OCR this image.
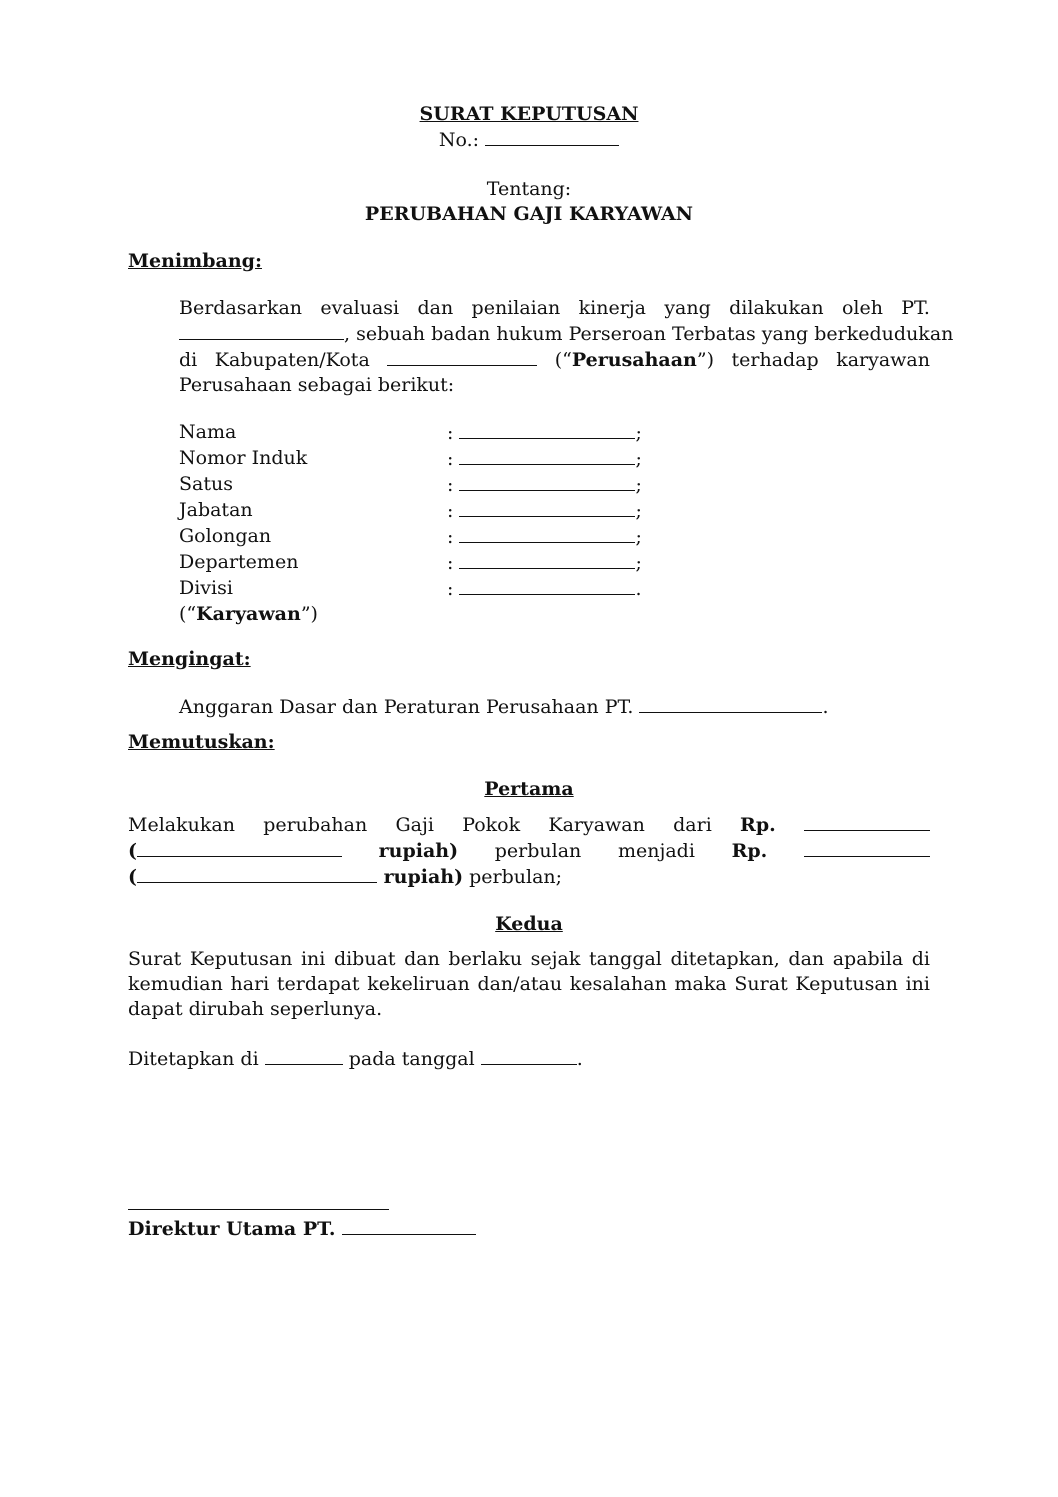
SURAT KEPUTUSAN
No.:
Tentang:
PERUBAHAN GAJI KARYAWAN
Menimbang:
Berdasarkan evaluasi dan penilaian kinerja yang dilakukan oleh PT.
, sebuah badan hukum Perseroan Terbatas yang berkedudukan
di Kabupaten/Kota	(“Perusahaan”) terhadap karyawan
Perusahaan sebagai berikut:
Nama	:	;
Nomor Induk	:	;
Satus	:	;
Jabatan	:	;
Golongan	:	;
Departemen	:	;
Divisi	:	.
(“Karyawan”)
Mengingat:
Anggaran Dasar dan Peraturan Perusahaan PT.	.
Memutuskan:
Pertama
Melakukan perubahan Gaji Pokok Karyawan dari Rp.
(	rupiah) perbulan menjadi Rp.
(	rupiah) perbulan;
Kedua
Surat Keputusan ini dibuat dan berlaku sejak tanggal ditetapkan, dan apabila di kemudian hari terdapat kekeliruan dan/atau kesalahan maka Surat Keputusan ini dapat dirubah seperlunya.
Ditetapkan di	pada tanggal	.
Direktur Utama PT.
